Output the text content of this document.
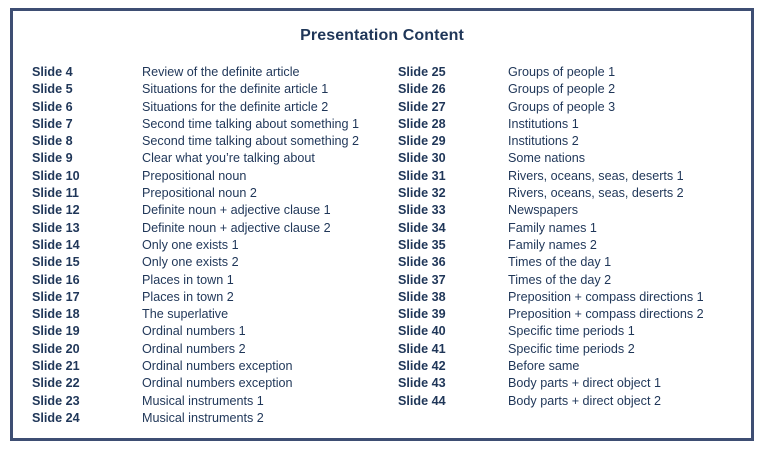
Presentation Content
Slide 4	Review of the definite article
Slide 5	Situations for the definite article 1
Slide 6	Situations for the definite article 2
Slide 7	Second time talking about something 1
Slide 8	Second time talking about something 2
Slide 9	Clear what you’re talking about
Slide 10	Prepositional noun
Slide 11	Prepositional noun 2
Slide 12	Definite noun + adjective clause 1
Slide 13	Definite noun + adjective clause 2
Slide 14	Only one exists 1
Slide 15	Only one exists 2
Slide 16	Places in town 1
Slide 17	Places in town 2
Slide 18	The superlative
Slide 19	Ordinal numbers 1
Slide 20	Ordinal numbers 2
Slide 21	Ordinal numbers exception
Slide 22	Ordinal numbers exception
Slide 23	Musical instruments 1
Slide 24	Musical instruments 2
Slide 25	Groups of people 1
Slide 26	Groups of people 2
Slide 27	Groups of people 3
Slide 28	Institutions 1
Slide 29	Institutions 2
Slide 30	Some nations
Slide 31	Rivers, oceans, seas, deserts 1
Slide 32	Rivers, oceans, seas, deserts 2
Slide 33	Newspapers
Slide 34	Family names 1
Slide 35	Family names 2
Slide 36	Times of the day 1
Slide 37	Times of the day 2
Slide 38	Preposition + compass directions 1
Slide 39	Preposition + compass directions 2
Slide 40	Specific time periods 1
Slide 41	Specific time periods 2
Slide 42	Before same
Slide 43	Body parts + direct object 1
Slide 44	Body parts + direct object 2
